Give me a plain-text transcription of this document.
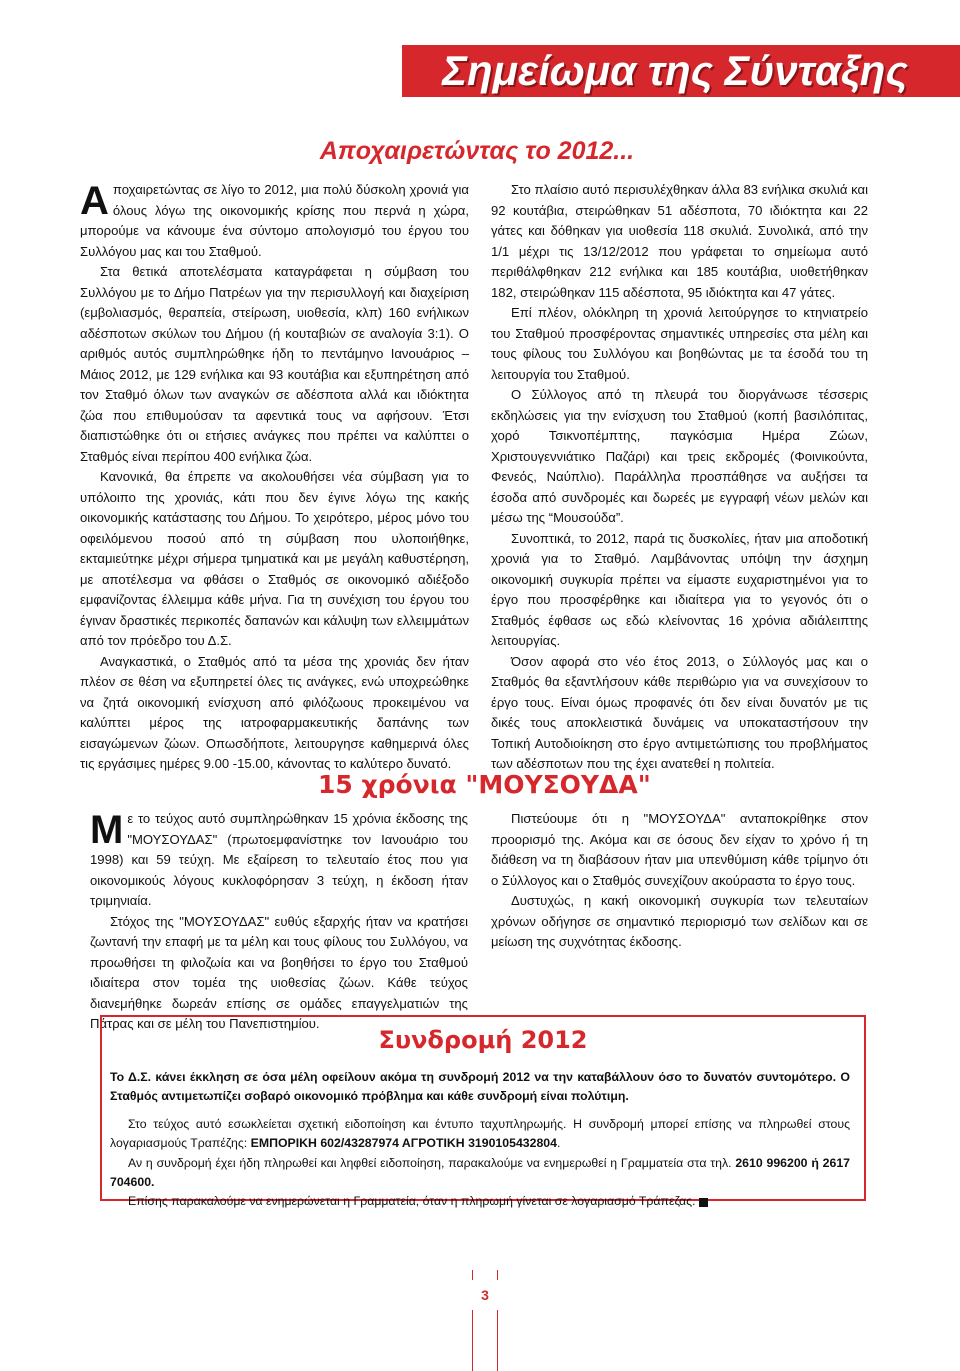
Σημείωμα της Σύνταξης
Αποχαιρετώντας το 2012...

Αποχαιρετώντας σε λίγο το 2012, μια πολύ δύσκολη χρονιά για όλους λόγω της οικονομικής κρίσης που περνά η χώρα, μπορούμε να κάνουμε ένα σύντομο απολογισμό του έργου του Συλλόγου μας και του Σταθμού.

Στα θετικά αποτελέσματα καταγράφεται η σύμβαση του Συλλόγου με το Δήμο Πατρέων για την περισυλλογή και διαχείριση (εμβολιασμός, θεραπεία, στείρωση, υιοθεσία, κλπ) 160 ενήλικων αδέσποτων σκύλων του Δήμου (ή κουταβιών σε αναλογία 3:1). Ο αριθμός αυτός συμπληρώθηκε ήδη το πεντάμηνο Ιανουάριος – Μάιος 2012, με 129 ενήλικα και 93 κουτάβια και εξυπηρέτηση από τον Σταθμό όλων των αναγκών σε αδέσποτα αλλά και ιδιόκτητα ζώα που επιθυμούσαν τα αφεντικά τους να αφήσουν. Έτσι διαπιστώθηκε ότι οι ετήσιες ανάγκες που πρέπει να καλύπτει ο Σταθμός είναι περίπου 400 ενήλικα ζώα.

Κανονικά, θα έπρεπε να ακολουθήσει νέα σύμβαση για το υπόλοιπο της χρονιάς, κάτι που δεν έγινε λόγω της κακής οικονομικής κατάστασης του Δήμου. Το χειρότερο, μέρος μόνο του οφειλόμενου ποσού από τη σύμβαση που υλοποιήθηκε, εκταμιεύτηκε μέχρι σήμερα τμηματικά και με μεγάλη καθυστέρηση, με αποτέλεσμα να φθάσει ο Σταθμός σε οικονομικό αδιέξοδο εμφανίζοντας έλλειμμα κάθε μήνα. Για τη συνέχιση του έργου του έγιναν δραστικές περικοπές δαπανών και κάλυψη των ελλειμμάτων από τον πρόεδρο του Δ.Σ.

Αναγκαστικά, ο Σταθμός από τα μέσα της χρονιάς δεν ήταν πλέον σε θέση να εξυπηρετεί όλες τις ανάγκες, ενώ υποχρεώθηκε να ζητά οικονομική ενίσχυση από φιλόζωους προκειμένου να καλύπτει μέρος της ιατροφαρμακευτικής δαπάνης των εισαγώμενων ζώων. Οπωσδήποτε, λειτουργησε καθημερινά όλες τις εργάσιμες ημέρες 9.00 -15.00, κάνοντας το καλύτερο δυνατό.

Στο πλαίσιο αυτό περισυλέχθηκαν άλλα 83 ενήλικα σκυλιά και 92 κουτάβια, στειρώθηκαν 51 αδέσποτα, 70 ιδιόκτητα και 22 γάτες και δόθηκαν για υιοθεσία 118 σκυλιά. Συνολικά, από την 1/1 μέχρι τις 13/12/2012 που γράφεται το σημείωμα αυτό περιθάλφθηκαν 212 ενήλικα και 185 κουτάβια, υιοθετήθηκαν 182, στειρώθηκαν 115 αδέσποτα, 95 ιδιόκτητα και 47 γάτες.

Επί πλέον, ολόκληρη τη χρονιά λειτούργησε το κτηνιατρείο του Σταθμού προσφέροντας σημαντικές υπηρεσίες στα μέλη και τους φίλους του Συλλόγου και βοηθώντας με τα έσοδά του τη λειτουργία του Σταθμού.

Ο Σύλλογος από τη πλευρά του διοργάνωσε τέσσερις εκδηλώσεις για την ενίσχυση του Σταθμού (κοπή βασιλόπιτας, χορό Τσικνοπέμπτης, παγκόσμια Ημέρα Ζώων, Χριστουγεννιάτικο Παζάρι) και τρεις εκδρομές (Φοινικούντα, Φενεός, Ναύπλιο). Παράλληλα προσπάθησε να αυξήσει τα έσοδα από συνδρομές και δωρεές με εγγραφή νέων μελών και μέσω της “Μουσούδα”.

Συνοπτικά, το 2012, παρά τις δυσκολίες, ήταν μια αποδοτική χρονιά για το Σταθμό. Λαμβάνοντας υπόψη την άσχημη οικονομική συγκυρία πρέπει να είμαστε ευχαριστημένοι για το έργο που προσφέρθηκε και ιδιαίτερα για το γεγονός ότι ο Σταθμός έφθασε ως εδώ κλείνοντας 16 χρόνια αδιάλειπτης λειτουργίας.

Όσον αφορά στο νέο έτος 2013, ο Σύλλογός μας και ο Σταθμός θα εξαντλήσουν κάθε περιθώριο για να συνεχίσουν το έργο τους. Είναι όμως προφανές ότι δεν είναι δυνατόν με τις δικές τους αποκλειστικά δυνάμεις να υποκαταστήσουν την Τοπική Αυτοδιοίκηση στο έργο αντιμετώπισης του προβλήματος των αδέσποτων που της έχει ανατεθεί η πολιτεία.

15 χρόνια "ΜΟΥΣΟΥΔΑ"

Με το τεύχος αυτό συμπληρώθηκαν 15 χρόνια έκδοσης της "ΜΟΥΣΟΥΔΑΣ" (πρωτοεμφανίστηκε τον Ιανουάριο του 1998) και 59 τεύχη. Με εξαίρεση το τελευταίο έτος που για οικονομικούς λόγους κυκλοφόρησαν 3 τεύχη, η έκδοση ήταν τριμηνιαία.

Στόχος της "ΜΟΥΣΟΥΔΑΣ" ευθύς εξαρχής ήταν να κρατήσει ζωντανή την επαφή με τα μέλη και τους φίλους του Συλλόγου, να προωθήσει τη φιλοζωία και να βοηθήσει το έργο του Σταθμού ιδιαίτερα στον τομέα της υιοθεσίας ζώων. Κάθε τεύχος διανεμήθηκε δωρεάν επίσης σε ομάδες επαγγελματιών της Πάτρας και σε μέλη του Πανεπιστημίου.

Πιστεύουμε ότι η "ΜΟΥΣΟΥΔΑ" ανταποκρίθηκε στον προορισμό της. Ακόμα και σε όσους δεν είχαν το χρόνο ή τη διάθεση να τη διαβάσουν ήταν μια υπενθύμιση κάθε τρίμηνο ότι ο Σύλλογος και ο Σταθμός συνεχίζουν ακούραστα το έργο τους.

Δυστυχώς, η κακή οικονομική συγκυρία των τελευταίων χρόνων οδήγησε σε σημαντικό περιορισμό των σελίδων και σε μείωση της συχνότητας έκδοσης.

Συνδρομή 2012

Το Δ.Σ. κάνει έκκληση σε όσα μέλη οφείλουν ακόμα τη συνδρομή 2012 να την καταβάλλουν όσο το δυνατόν συντομότερο. Ο Σταθμός αντιμετωπίζει σοβαρό οικονομικό πρόβλημα και κάθε συνδρομή είναι πολύτιμη.

Στο τεύχος αυτό εσωκλείεται σχετική ειδοποίηση και έντυπο ταχυπληρωμής. Η συνδρομή μπορεί επίσης να πληρωθεί στους λογαριασμούς Τραπέζης: ΕΜΠΟΡΙΚΗ 602/43287974 ΑΓΡΟΤΙΚΗ 3190105432804.

Αν η συνδρομή έχει ήδη πληρωθεί και ληφθεί ειδοποίηση, παρακαλούμε να ενημερωθεί η Γραμματεία στα τηλ. 2610 996200 ή 2617 704600.

Επίσης παρακαλούμε να ενημερώνεται η Γραμματεία, όταν η πληρωμή γίνεται σε λογαριασμό Τράπεζας.

3
